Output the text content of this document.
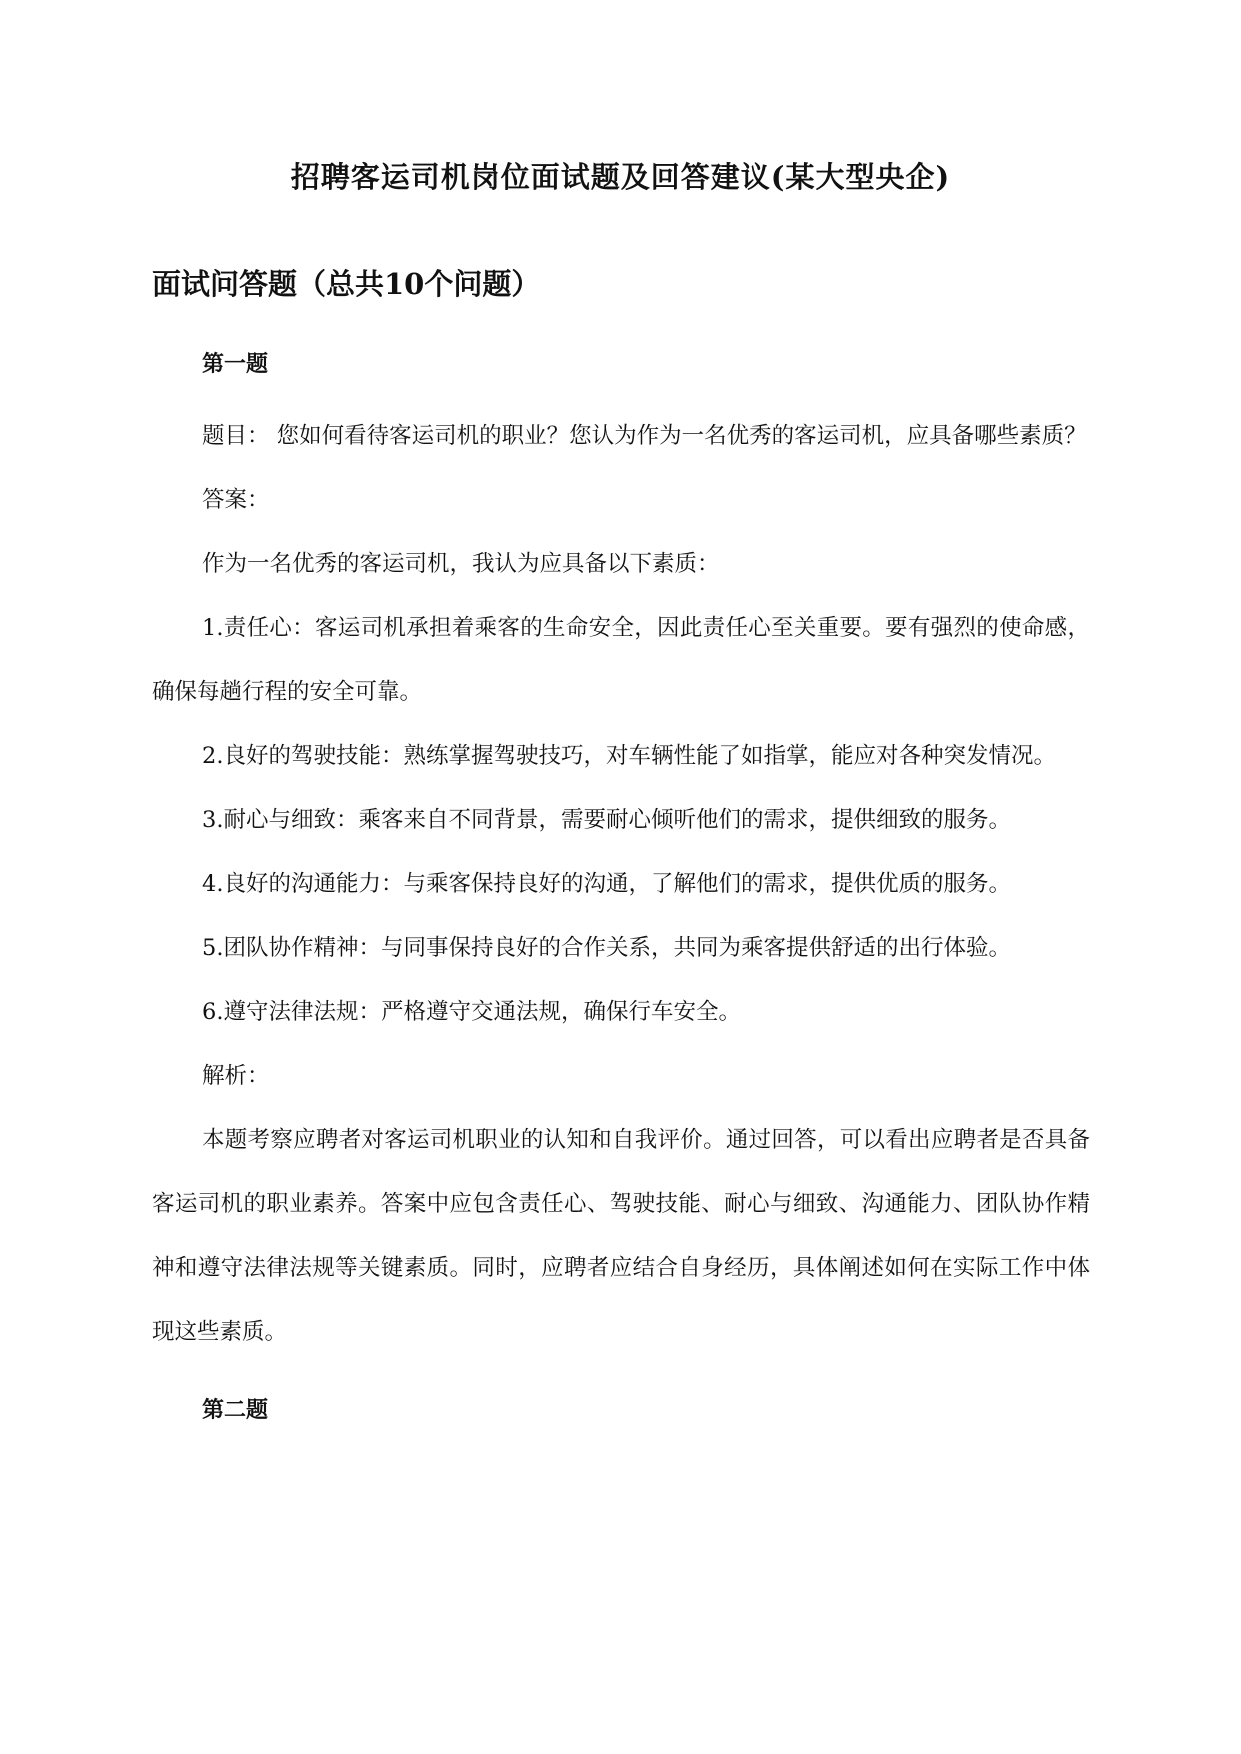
招聘客运司机岗位面试题及回答建议(某大型央企)
面试问答题（总共10个问题）
第一题

题目： 您如何看待客运司机的职业？您认为作为一名优秀的客运司机，应具备哪些素质？

答案：

作为一名优秀的客运司机，我认为应具备以下素质：

1.责任心：客运司机承担着乘客的生命安全，因此责任心至关重要。要有强烈的使命感，确保每趟行程的安全可靠。

2.良好的驾驶技能：熟练掌握驾驶技巧，对车辆性能了如指掌，能应对各种突发情况。

3.耐心与细致：乘客来自不同背景，需要耐心倾听他们的需求，提供细致的服务。

4.良好的沟通能力：与乘客保持良好的沟通，了解他们的需求，提供优质的服务。

5.团队协作精神：与同事保持良好的合作关系，共同为乘客提供舒适的出行体验。

6.遵守法律法规：严格遵守交通法规，确保行车安全。

解析：

本题考察应聘者对客运司机职业的认知和自我评价。通过回答，可以看出应聘者是否具备客运司机的职业素养。答案中应包含责任心、驾驶技能、耐心与细致、沟通能力、团队协作精神和遵守法律法规等关键素质。同时，应聘者应结合自身经历，具体阐述如何在实际工作中体现这些素质。

第二题
